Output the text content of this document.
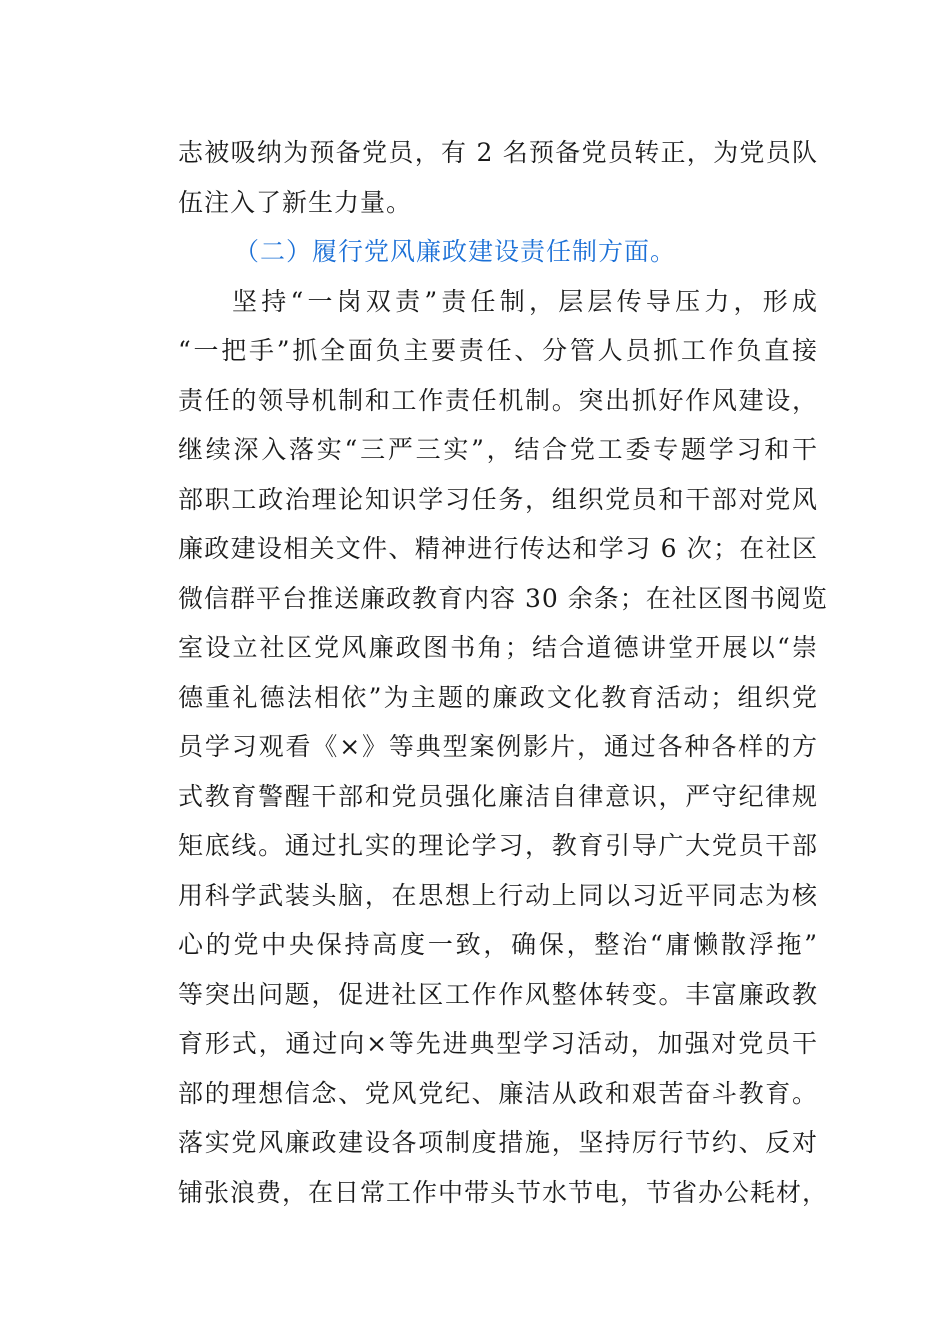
志被吸纳为预备党员，有 2 名预备党员转正，为党员队
伍注入了新生力量。
（二）履行党风廉政建设责任制方面。
坚持“一岗双责”责任制，层层传导压力，形成
“一把手”抓全面负主要责任、分管人员抓工作负直接
责任的领导机制和工作责任机制。突出抓好作风建设，
继续深入落实“三严三实”，结合党工委专题学习和干
部职工政治理论知识学习任务，组织党员和干部对党风
廉政建设相关文件、精神进行传达和学习 6 次；在社区
微信群平台推送廉政教育内容 30 余条；在社区图书阅览
室设立社区党风廉政图书角；结合道德讲堂开展以“崇
德重礼德法相依”为主题的廉政文化教育活动；组织党
员学习观看《×》等典型案例影片，通过各种各样的方
式教育警醒干部和党员强化廉洁自律意识，严守纪律规
矩底线。通过扎实的理论学习，教育引导广大党员干部
用科学武装头脑，在思想上行动上同以习近平同志为核
心的党中央保持高度一致，确保，整治“庸懒散浮拖”
等突出问题，促进社区工作作风整体转变。丰富廉政教
育形式，通过向×等先进典型学习活动，加强对党员干
部的理想信念、党风党纪、廉洁从政和艰苦奋斗教育。
落实党风廉政建设各项制度措施，坚持厉行节约、反对
铺张浪费，在日常工作中带头节水节电，节省办公耗材，
